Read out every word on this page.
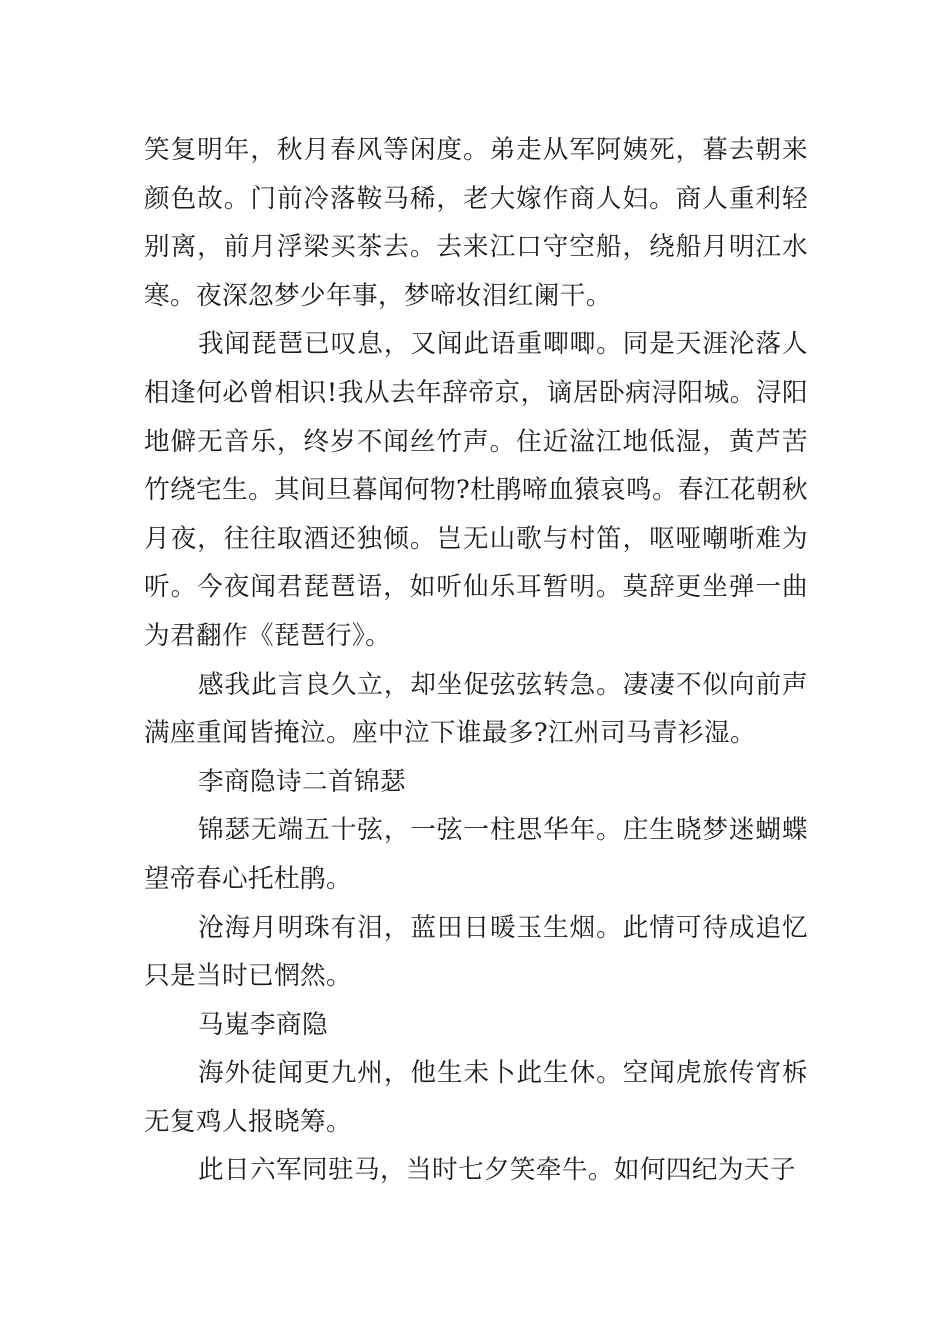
笑复明年，秋月春风等闲度。弟走从军阿姨死，暮去朝来颜色故。门前冷落鞍马稀，老大嫁作商人妇。商人重利轻别离，前月浮梁买茶去。去来江口守空船，绕船月明江水寒。夜深忽梦少年事，梦啼妆泪红阑干。

我闻琵琶已叹息，又闻此语重唧唧。同是天涯沦落人相逢何必曾相识!我从去年辞帝京，谪居卧病浔阳城。浔阳地僻无音乐，终岁不闻丝竹声。住近湓江地低湿，黄芦苦竹绕宅生。其间旦暮闻何物?杜鹃啼血猿哀鸣。春江花朝秋月夜，往往取酒还独倾。岂无山歌与村笛，呕哑嘲哳难为听。今夜闻君琵琶语，如听仙乐耳暂明。莫辞更坐弹一曲为君翻作《琵琶行》。

感我此言良久立，却坐促弦弦转急。凄凄不似向前声满座重闻皆掩泣。座中泣下谁最多?江州司马青衫湿。

李商隐诗二首锦瑟

锦瑟无端五十弦，一弦一柱思华年。庄生晓梦迷蝴蝶望帝春心托杜鹃。

沧海月明珠有泪，蓝田日暖玉生烟。此情可待成追忆只是当时已惘然。

马嵬李商隐

海外徒闻更九州，他生未卜此生休。空闻虎旅传宵柝无复鸡人报晓筹。

此日六军同驻马，当时七夕笑牵牛。如何四纪为天子
